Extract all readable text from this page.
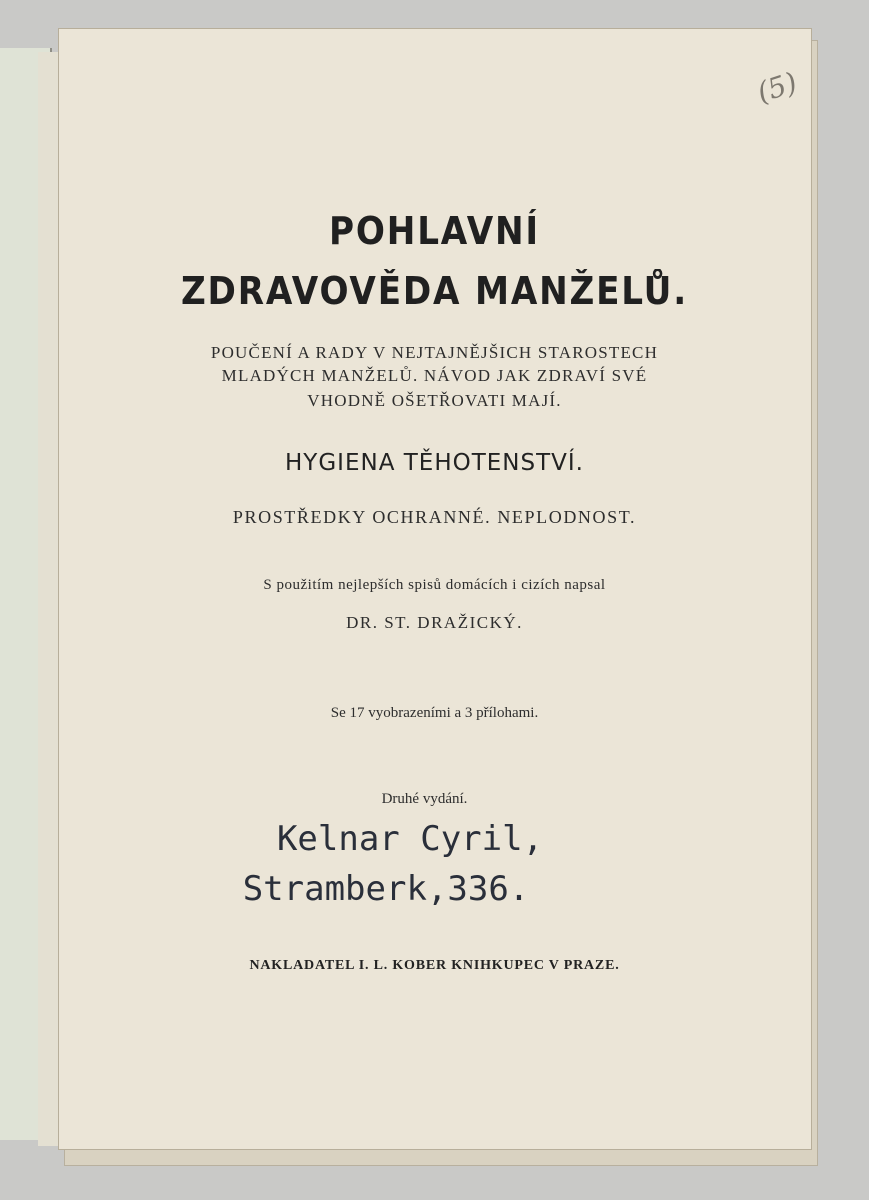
(5)
POHLAVNÍ
ZDRAVOVĚDA MANŽELŮ.
POUČENÍ A RADY V NEJTAJNĚJŠICH STAROSTECH
MLADÝCH MANŽELŮ. NÁVOD JAK ZDRAVÍ SVÉ
VHODNĚ OŠETŘOVATI MAJÍ.
HYGIENA TĚHOTENSTVÍ.
PROSTŘEDKY OCHRANNÉ. NEPLODNOST.
S použitím nejlepších spisů domácích i cizích napsal
DR. ST. DRAŽICKÝ.
Se 17 vyobrazeními a 3 přílohami.
Druhé vydání.
Kelnar Cyril,
Stramberk,336.
NAKLADATEL I. L. KOBER KNIHKUPEC V PRAZE.
